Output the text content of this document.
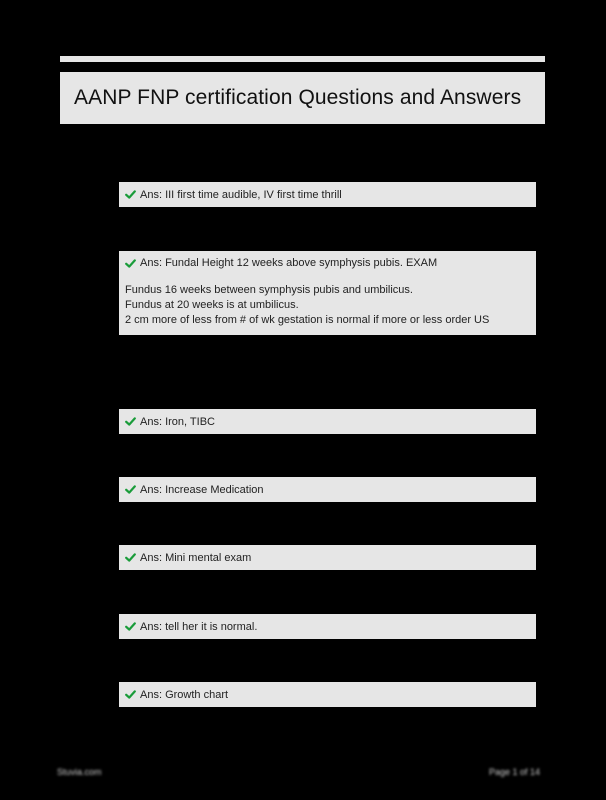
AANP FNP certification Questions and Answers
Ans: III first time audible, IV first time thrill
Ans: Fundal Height 12 weeks above symphysis pubis. EXAM
Fundus 16 weeks between symphysis pubis and umbilicus.
Fundus at 20 weeks is at umbilicus.
2 cm more of less from # of wk gestation is normal if more or less order US
Ans: Iron, TIBC
Ans: Increase Medication
Ans: Mini mental exam
Ans: tell her it is normal.
Ans: Growth chart
Stuvia.com	Page 1 of 14
